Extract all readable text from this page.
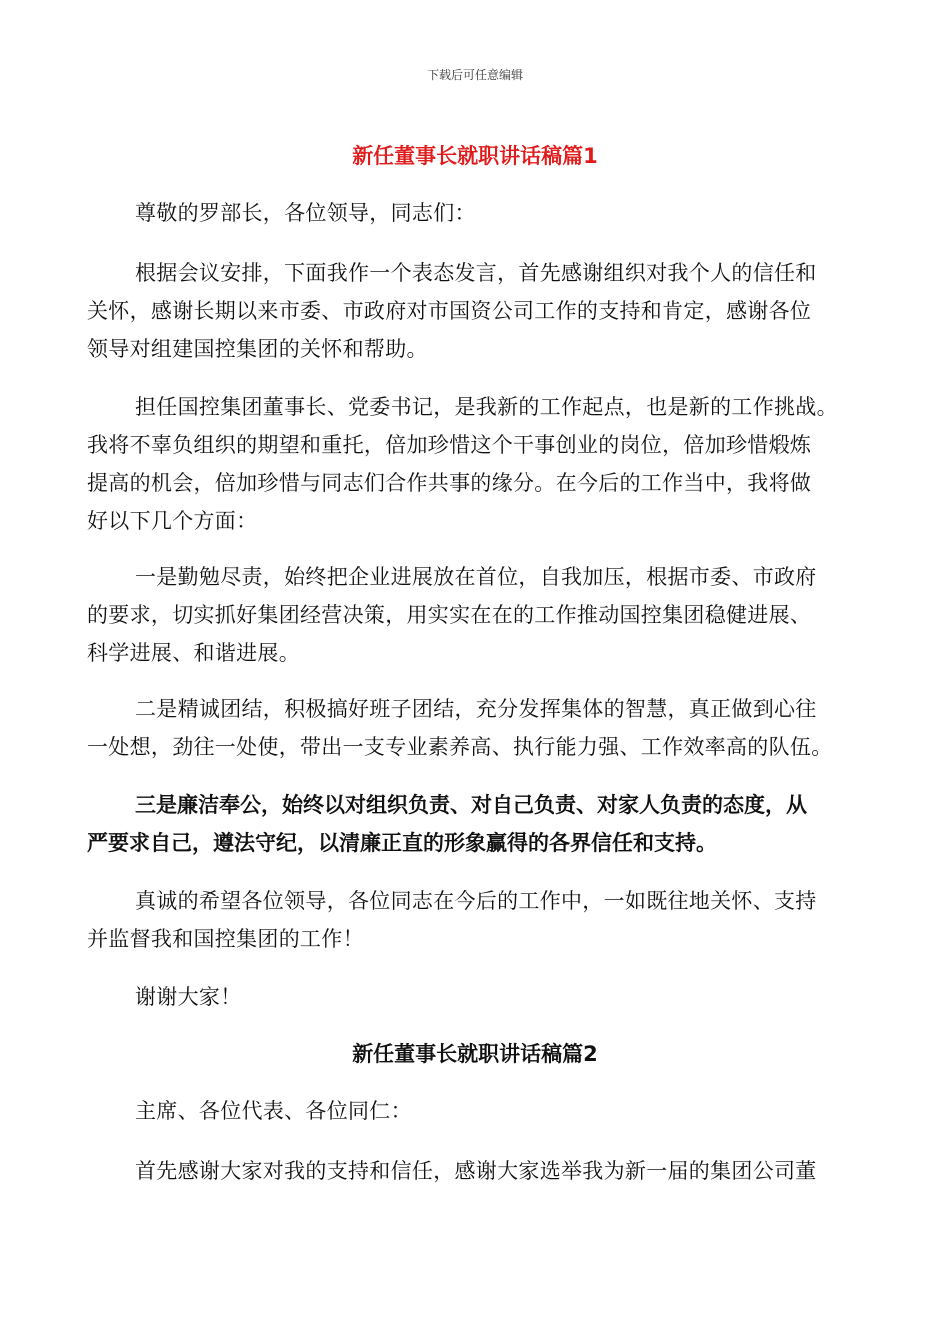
下载后可任意编辑
新任董事长就职讲话稿篇1
尊敬的罗部长，各位领导，同志们：
根据会议安排，下面我作一个表态发言，首先感谢组织对我个人的信任和
关怀，感谢长期以来市委、市政府对市国资公司工作的支持和肯定，感谢各位
领导对组建国控集团的关怀和帮助。
担任国控集团董事长、党委书记，是我新的工作起点，也是新的工作挑战。
我将不辜负组织的期望和重托，倍加珍惜这个干事创业的岗位，倍加珍惜煅炼
提高的机会，倍加珍惜与同志们合作共事的缘分。在今后的工作当中，我将做
好以下几个方面：
一是勤勉尽责，始终把企业进展放在首位，自我加压，根据市委、市政府
的要求，切实抓好集团经营决策，用实实在在的工作推动国控集团稳健进展、
科学进展、和谐进展。
二是精诚团结，积极搞好班子团结，充分发挥集体的智慧，真正做到心往
一处想，劲往一处使，带出一支专业素养高、执行能力强、工作效率高的队伍。
三是廉洁奉公，始终以对组织负责、对自己负责、对家人负责的态度，从
严要求自己，遵法守纪，以清廉正直的形象赢得的各界信任和支持。
真诚的希望各位领导，各位同志在今后的工作中，一如既往地关怀、支持
并监督我和国控集团的工作！
谢谢大家！
新任董事长就职讲话稿篇2
主席、各位代表、各位同仁：
首先感谢大家对我的支持和信任，感谢大家选举我为新一届的集团公司董
